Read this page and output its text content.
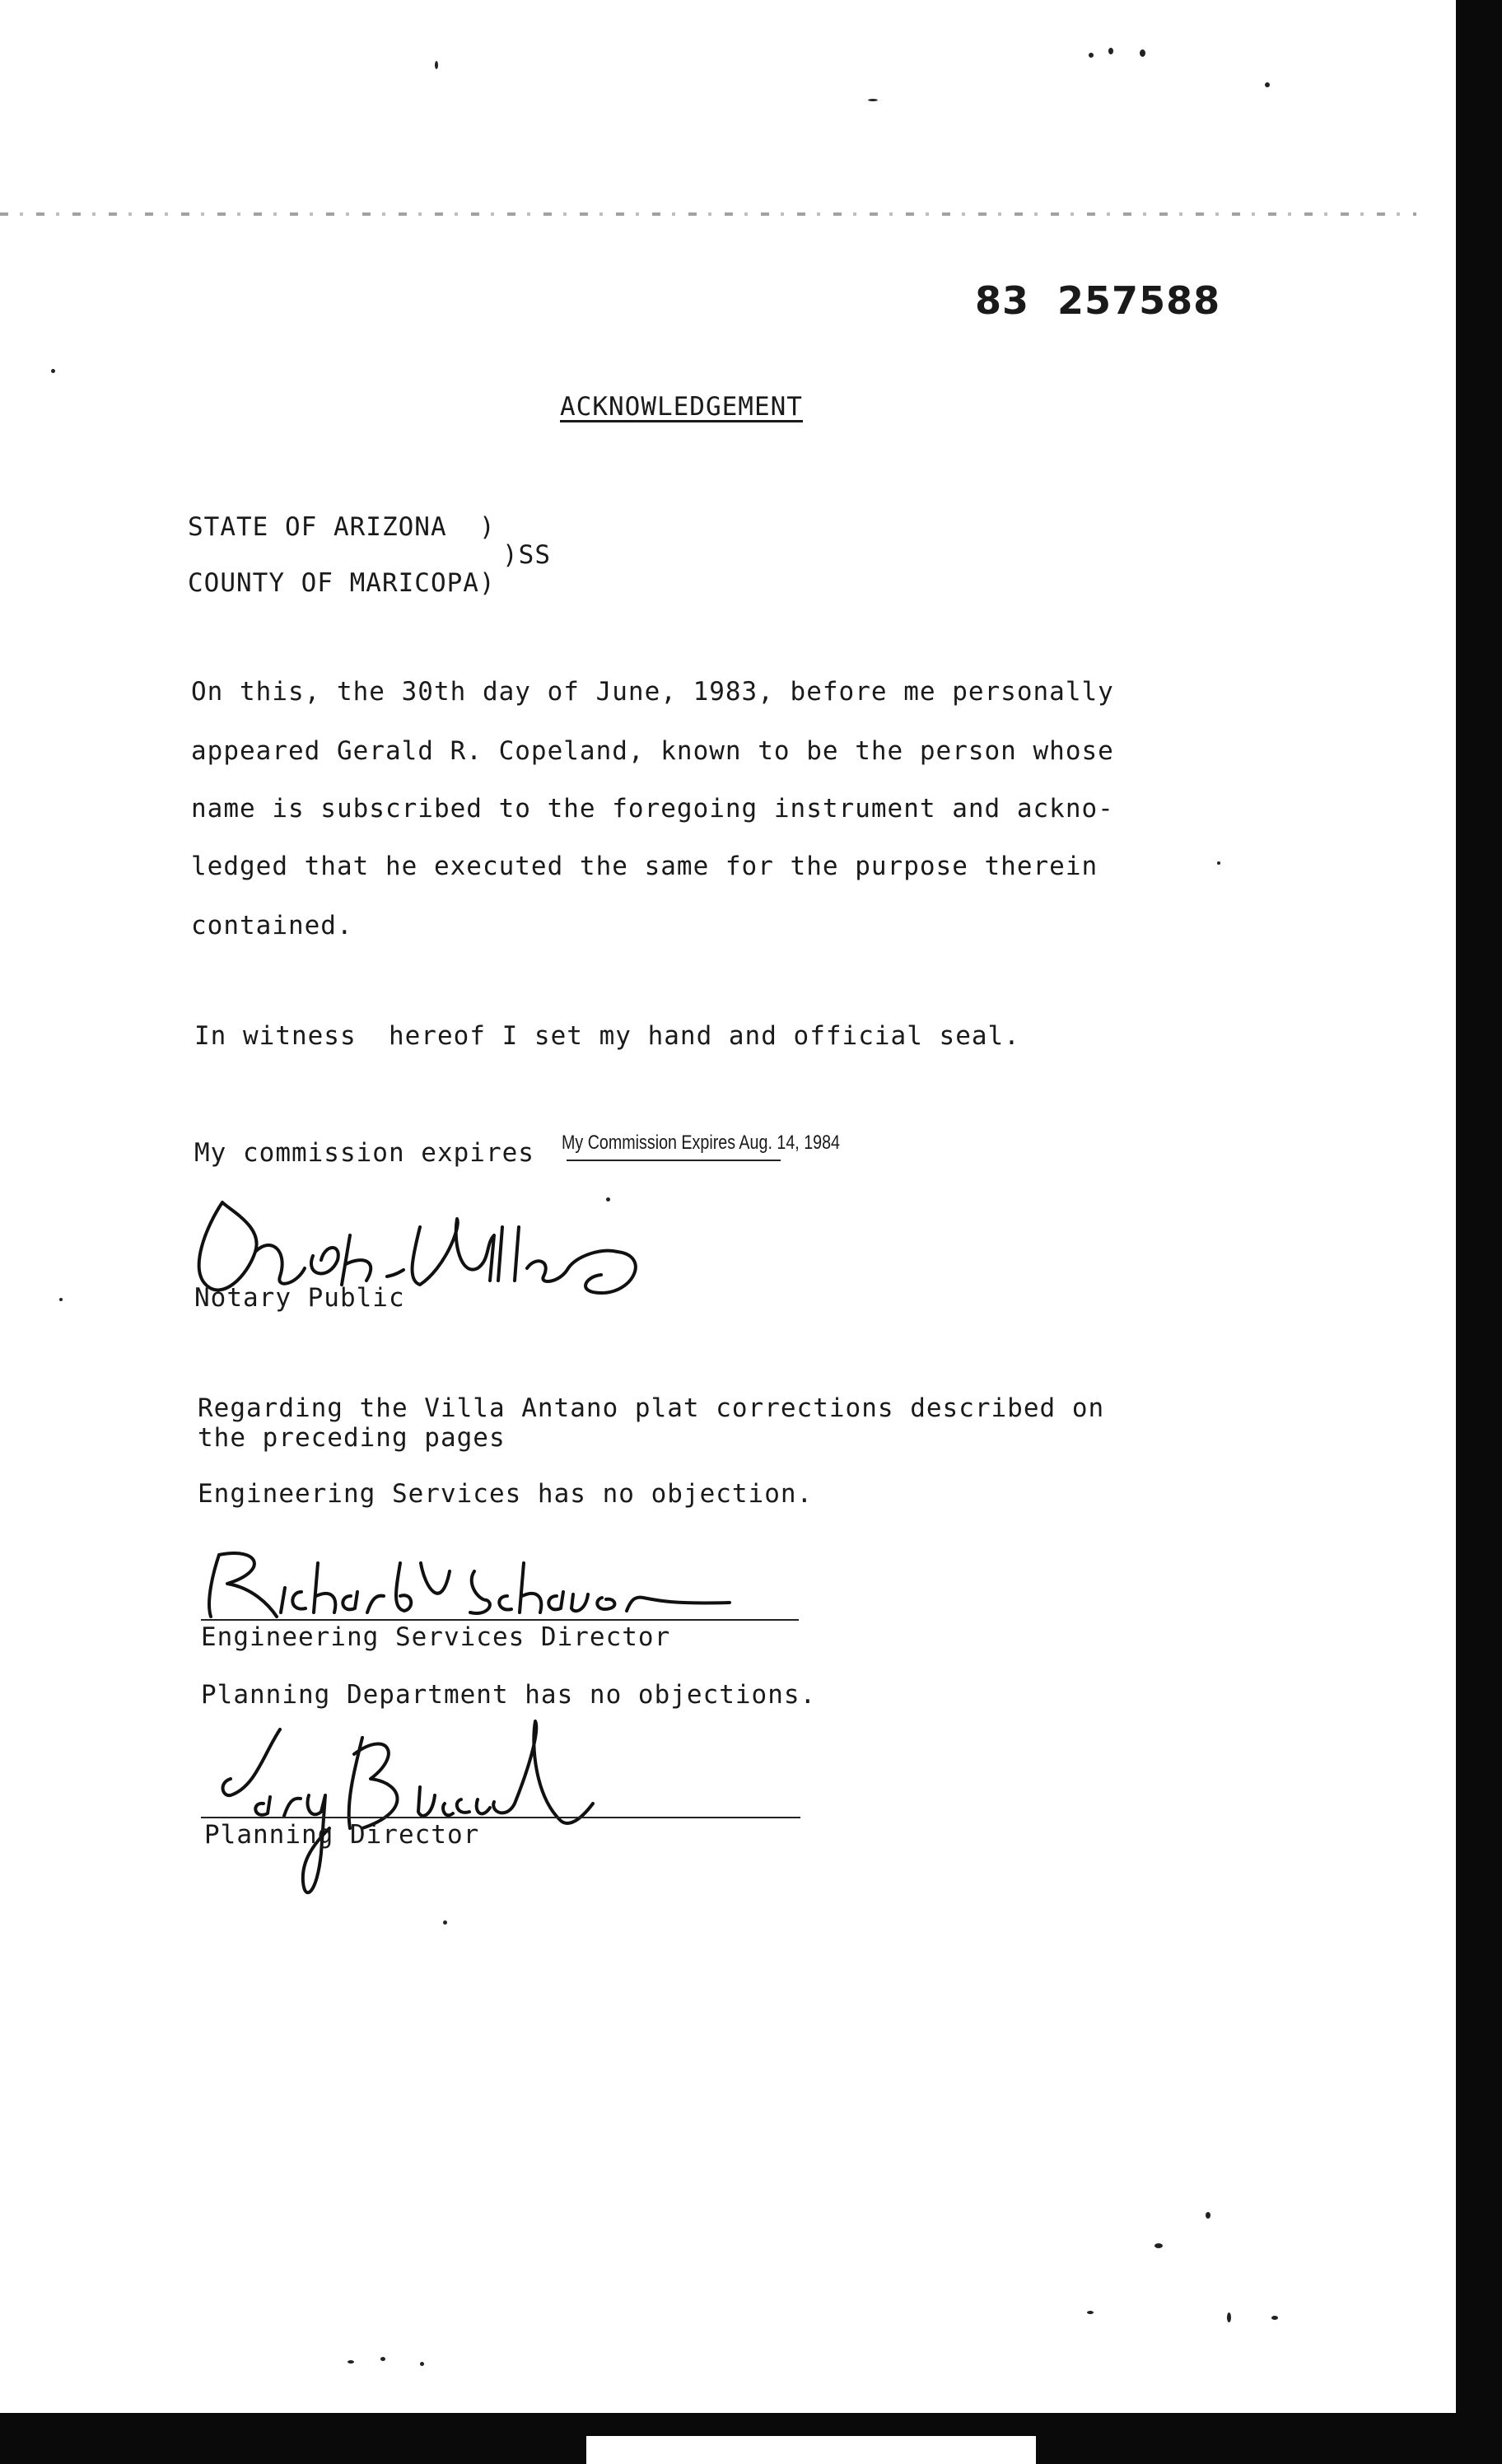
83  257588
ACKNOWLEDGEMENT
STATE OF ARIZONA  )
)SS
COUNTY OF MARICOPA)
On this, the 30th day of June, 1983, before me personally
appeared Gerald R. Copeland, known to be the person whose
name is subscribed to the foregoing instrument and ackno-
ledged that he executed the same for the purpose therein
contained.
In witness  hereof I set my hand and official seal.
My commission expires My Commission Expires Aug. 14, 1984
Notary Public
Regarding the Villa Antano plat corrections described on
the preceding pages
Engineering Services has no objection.
Engineering Services Director
Planning Department has no objections.
Planning Director
